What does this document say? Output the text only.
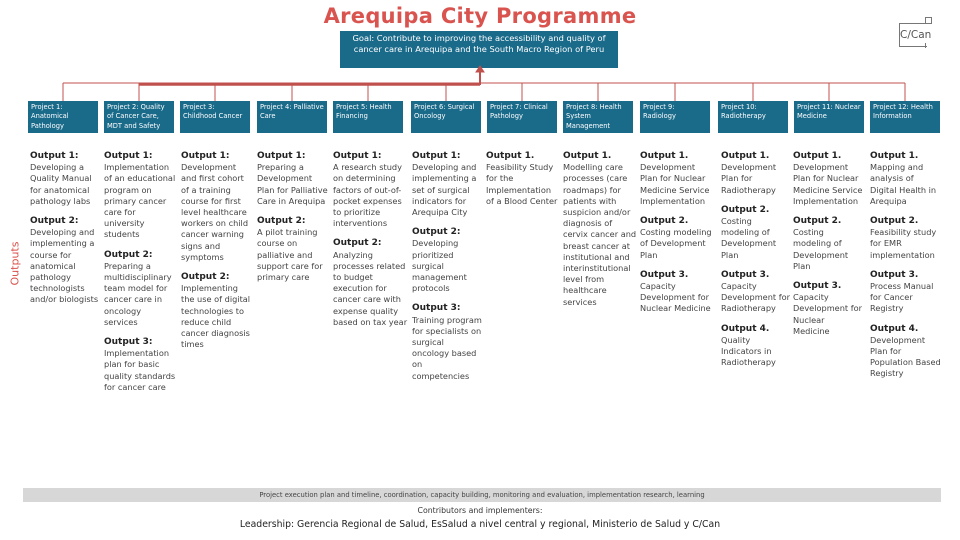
Arequipa City Programme
Goal: Contribute to improving the accessibility and quality of cancer care in Arequipa and the South Macro Region of Peru
C/Can
Project 1: Anatomical Pathology
Project 2: Quality of Cancer Care, MDT and Safety
Project 3: Childhood Cancer
Project 4: Palliative Care
Project 5: Health Financing
Project 6: Surgical Oncology
Project 7: Clinical Pathology
Project 8: Health System Management
Project 9: Radiology
Project 10: Radiotherapy
Project 11: Nuclear Medicine
Project 12: Health Information
Outputs
Output 1:
Developing a Quality Manual for anatomical pathology labs
Output 2:
Developing and implementing a course for anatomical pathology technologists and/or biologists
Output 1:
Implementation of an educational program on primary cancer care for university students
Output 2:
Preparing a multidisciplinary team model for cancer care in oncology services
Output 3:
Implementation plan for basic quality standards for cancer care
Output 1:
Development and first cohort of a training course for first level healthcare workers on child cancer warning signs and symptoms
Output 2:
Implementing the use of digital technologies to reduce child cancer diagnosis times
Output 1:
Preparing a Development Plan for Palliative Care in Arequipa
Output 2:
A pilot training course on palliative and support care for primary care
Output 1:
A research study on determining factors of out-of-pocket expenses to prioritize interventions
Output 2:
Analyzing processes related to budget execution for cancer care with expense quality based on tax year
Output 1:
Developing and implementing a set of surgical indicators for Arequipa City
Output 2:
Developing prioritized surgical management protocols
Output 3:
Training program for specialists on surgical oncology based on competencies
Output 1.
Feasibility Study for the Implementation of a Blood Center
Output 1.
Modelling care processes (care roadmaps) for patients with suspicion and/or diagnosis of cervix cancer and breast cancer at institutional and interinstitutional level from healthcare services
Output 1.
Development Plan for Nuclear Medicine Service Implementation
Output 2.
Costing modeling of Development Plan
Output 3.
Capacity Development for Nuclear Medicine
Output 1.
Development Plan for Radiotherapy
Output 2.
Costing modeling of Development Plan
Output 3.
Capacity Development for Radiotherapy
Output 4.
Quality Indicators in Radiotherapy
Output 1.
Development Plan for Nuclear Medicine Service Implementation
Output 2.
Costing modeling of Development Plan
Output 3.
Capacity Development for Nuclear Medicine
Output 1.
Mapping and analysis of Digital Health in Arequipa
Output 2.
Feasibility study for EMR implementation
Output 3.
Process Manual for Cancer Registry
Output 4.
Development Plan for Population Based Registry
Project execution plan and timeline, coordination, capacity building, monitoring and evaluation, implementation research, learning
Contributors and implementers:
Leadership: Gerencia Regional de Salud, EsSalud a nivel central y regional, Ministerio de Salud y C/Can
